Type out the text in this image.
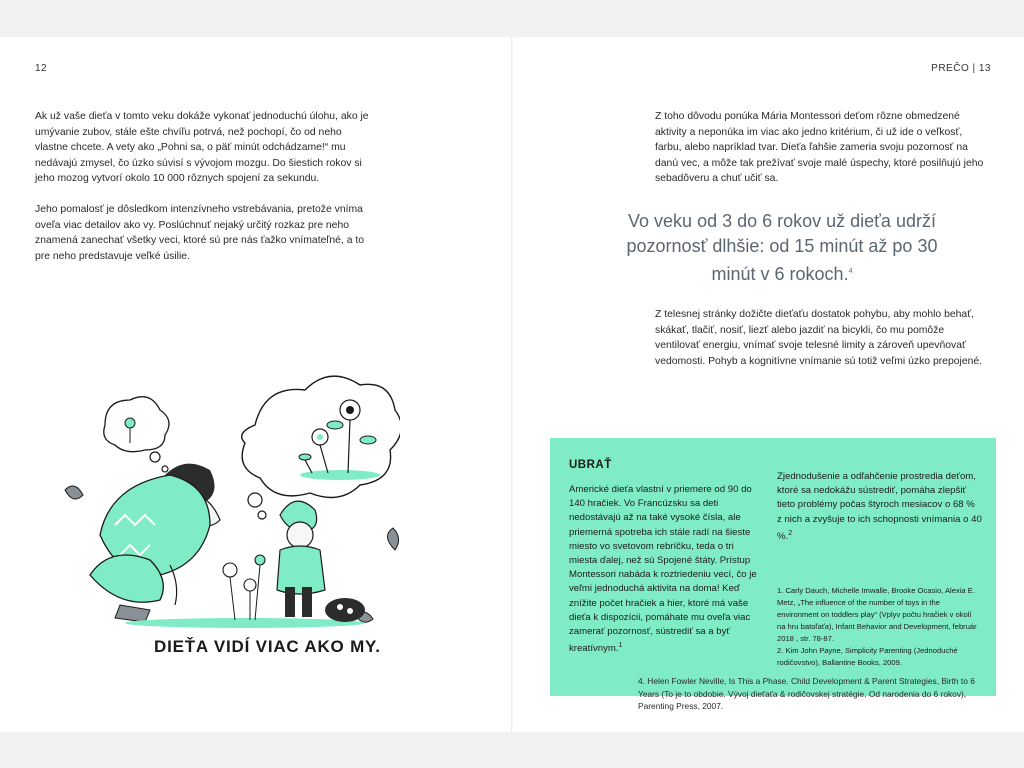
12

Ak už vaše dieťa v tomto veku dokáže vykonať jednoduchú úlohu, ako je umývanie zubov, stále ešte chvíľu potrvá, než pochopí, čo od neho vlastne chcete. A vety ako „Pohni sa, o päť minút odchádzame!“ mu nedávajú zmysel, čo úzko súvisí s vývojom mozgu. Do šiestich rokov si jeho mozog vytvorí okolo 10 000 rôznych spojení za sekundu.

Jeho pomalosť je dôsledkom intenzívneho vstrebávania, pretože vníma oveľa viac detailov ako vy. Poslúchnuť nejaký určitý rozkaz pre neho znamená zanechať všetky veci, ktoré sú pre nás ťažko vnímateľné, a to pre neho predstavuje veľké úsilie.

DIEŤA VIDÍ VIAC AKO MY.
PREČO | 13
Z toho dôvodu ponúka Mária Montessori deťom rôzne obmedzené aktivity a neponúka im viac ako jedno kritérium, či už ide o veľkosť, farbu, alebo napríklad tvar. Dieťa ľahšie zameria svoju pozornosť na danú vec, a môže tak prežívať svoje malé úspechy, ktoré posilňujú jeho sebadôveru a chuť učiť sa.
Vo veku od 3 do 6 rokov už dieťa udrží pozornosť dlhšie: od 15 minút až po 30 minút v 6 rokoch.$^4$
Z telesnej stránky dožičte dieťaťu dostatok pohybu, aby mohlo behať, skákať, tlačiť, nosiť, liezť alebo jazdiť na bicykli, čo mu pomôže ventilovať energiu, vnímať svoje telesné limity a zároveň upevňovať vedomosti. Pohyb a kognitívne vnímanie sú totiž veľmi úzko prepojené.
UBRAŤ
Americké dieťa vlastní v priemere od 90 do 140 hračiek. Vo Francúzsku sa deti nedostávajú až na také vysoké čísla, ale priemerná spotreba ich stále radí na šieste miesto vo svetovom rebríčku, teda o tri miesta ďalej, než sú Spojené štáty. Prístup Montessori nabáda k roztriedeniu vecí, čo je veľmi jednoduchá aktivita na doma! Keď znížite počet hračiek a hier, ktoré má vaše dieťa k dispozícii, pomáhate mu oveľa viac zamerať pozornosť, sústrediť sa a byť kreatívnym.$^1$
Zjednodušenie a odľahčenie prostredia deťom, ktoré sa nedokážu sústrediť, pomáha zlepšiť tieto problémy počas štyroch mesiacov o 68 % z nich a zvyšuje to ich schopnosti vnímania o 40 %.$^2$
1. Carly Dauch, Michelle Imwalle, Brooke Ocasio, Alexia E. Metz, „The influence of the number of toys in the environment on toddlers play“ (Vplyv počtu hračiek v okolí na hru batoľaťa), Infant Behavior and Development, február 2018 , str. 78-87.
2. Kim John Payne, Simplicity Parenting (Jednoduché rodičovstvo), Ballantine Books, 2009.
4. Helen Fowler Neville, Is This a Phase. Child Development & Parent Strategies, Birth to 6 Years (To je to obdobie. Vývoj dieťaťa & rodičovskej stratégie, Od narodenia do 6 rokov), Parenting Press, 2007.
